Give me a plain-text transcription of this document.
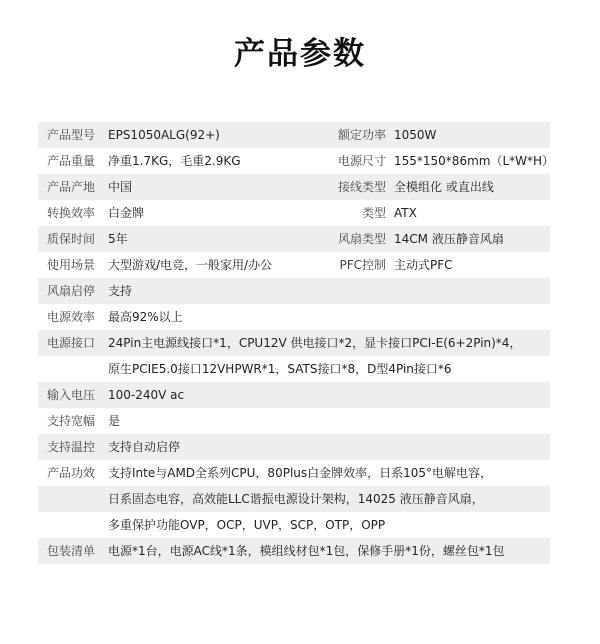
产品参数
产品型号 EPS1050ALG(92+)	额定功率 1050W
产品重量 净重1.7KG，毛重2.9KG	电源尺寸 155*150*86mm（L*W*H）
产品产地 中国	接线类型 全模组化 或直出线
转换效率 白金牌	类型 ATX
质保时间 5年	风扇类型 14CM 液压静音风扇
使用场景 大型游戏/电竞，一般家用/办公	PFC控制 主动式PFC
风扇启停 支持
电源效率 最高92%以上
电源接口 24Pin主电源线接口*1，CPU12V 供电接口*2，显卡接口PCI-E(6+2Pin)*4，
原生PCIE5.0接口12VHPWR*1，SATS接口*8，D型4Pin接口*6
输入电压 100-240V ac
支持宽幅 是
支持温控 支持自动启停
产品功效 支持Inte与AMD全系列CPU，80Plus白金牌效率，日系105°电解电容，
日系固态电容，高效能LLC谐振电源设计架构，14025 液压静音风扇，
多重保护功能OVP，OCP，UVP，SCP，OTP，OPP
包装清单 电源*1台，电源AC线*1条，模组线材包*1包，保修手册*1份，螺丝包*1包
